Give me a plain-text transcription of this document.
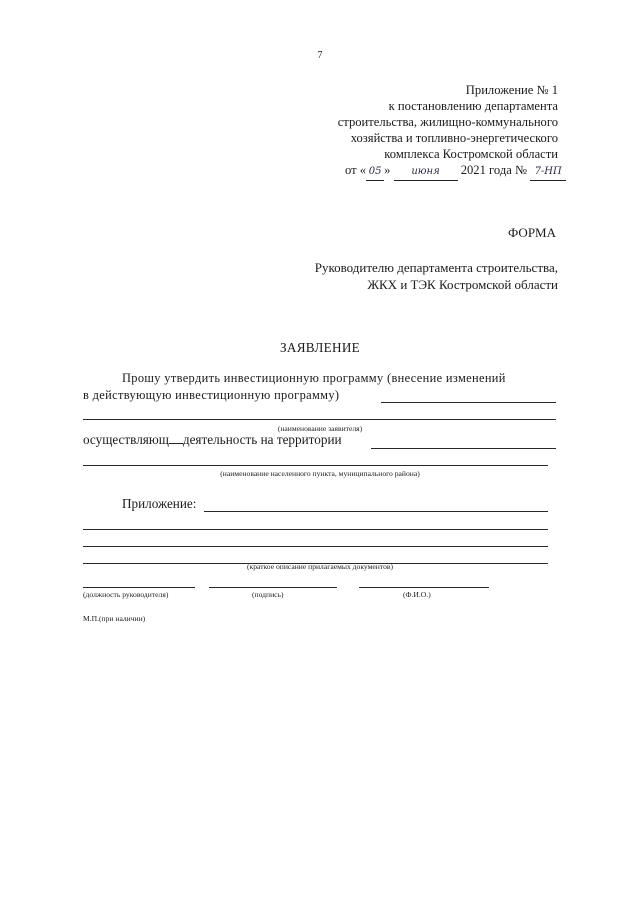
7
Приложение № 1
к постановлению департамента
строительства, жилищно-коммунального
хозяйства и топливно-энергетического
комплекса Костромской области
от « 05 » июня 2021 года № 7-НП
ФОРМА
Руководителю департамента строительства,
ЖКХ и ТЭК Костромской области
ЗАЯВЛЕНИЕ
Прошу утвердить инвестиционную программу (внесение изменений
в действующую инвестиционную программу)
(наименование заявителя)
осуществляющ деятельность на территории
(наименование населенного пункта, муниципального района)
Приложение:
(краткое описание прилагаемых документов)
(должность руководителя)	(подпись)	(Ф.И.О.)
М.П.(при наличии)
